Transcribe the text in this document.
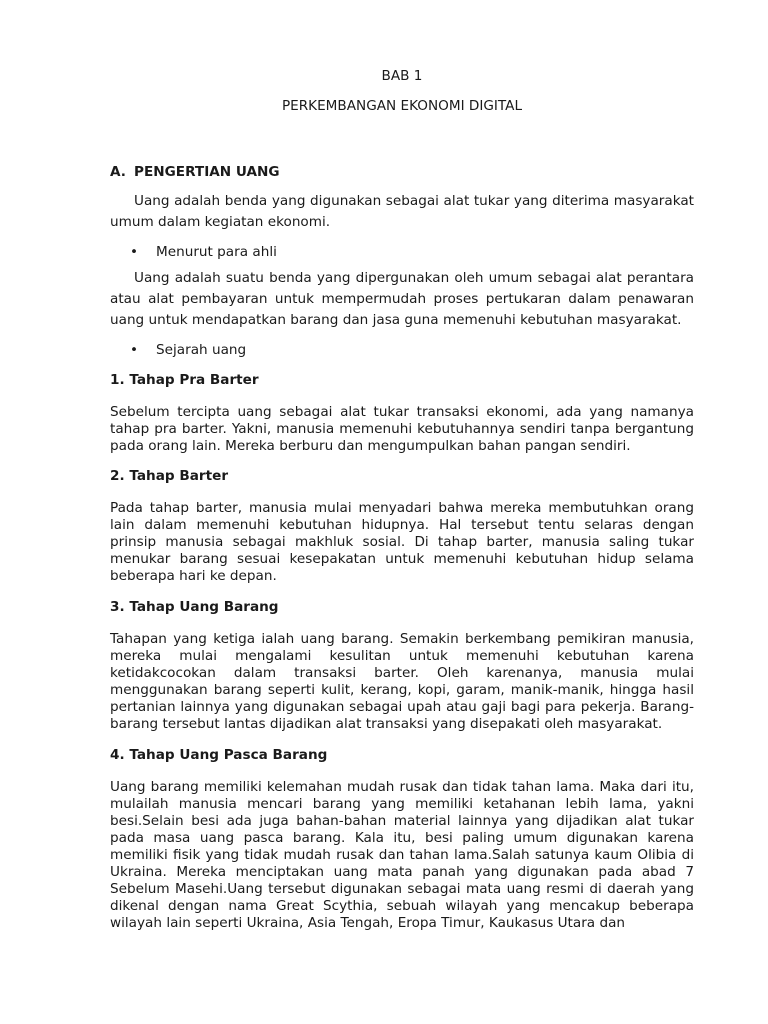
BAB 1

PERKEMBANGAN EKONOMI DIGITAL

A. PENGERTIAN UANG

Uang adalah benda yang digunakan sebagai alat tukar yang diterima masyarakat umum dalam kegiatan ekonomi.

•	Menurut para ahli

Uang adalah suatu benda yang dipergunakan oleh umum sebagai alat perantara atau alat pembayaran untuk mempermudah proses pertukaran dalam penawaran uang untuk mendapatkan barang dan jasa guna memenuhi kebutuhan masyarakat.

•	Sejarah uang

1. Tahap Pra Barter

Sebelum tercipta uang sebagai alat tukar transaksi ekonomi, ada yang namanya tahap pra barter. Yakni, manusia memenuhi kebutuhannya sendiri tanpa bergantung pada orang lain. Mereka berburu dan mengumpulkan bahan pangan sendiri.

2. Tahap Barter

Pada tahap barter, manusia mulai menyadari bahwa mereka membutuhkan orang lain dalam memenuhi kebutuhan hidupnya. Hal tersebut tentu selaras dengan prinsip manusia sebagai makhluk sosial. Di tahap barter, manusia saling tukar menukar barang sesuai kesepakatan untuk memenuhi kebutuhan hidup selama beberapa hari ke depan.

3. Tahap Uang Barang

Tahapan yang ketiga ialah uang barang. Semakin berkembang pemikiran manusia, mereka mulai mengalami kesulitan untuk memenuhi kebutuhan karena ketidakcocokan dalam transaksi barter. Oleh karenanya, manusia mulai menggunakan barang seperti kulit, kerang, kopi, garam, manik-manik, hingga hasil pertanian lainnya yang digunakan sebagai upah atau gaji bagi para pekerja. Barang-barang tersebut lantas dijadikan alat transaksi yang disepakati oleh masyarakat.

4. Tahap Uang Pasca Barang

Uang barang memiliki kelemahan mudah rusak dan tidak tahan lama. Maka dari itu, mulailah manusia mencari barang yang memiliki ketahanan lebih lama, yakni besi.Selain besi ada juga bahan-bahan material lainnya yang dijadikan alat tukar pada masa uang pasca barang. Kala itu, besi paling umum digunakan karena memiliki fisik yang tidak mudah rusak dan tahan lama.Salah satunya kaum Olibia di Ukraina. Mereka menciptakan uang mata panah yang digunakan pada abad 7 Sebelum Masehi.Uang tersebut digunakan sebagai mata uang resmi di daerah yang dikenal dengan nama Great Scythia, sebuah wilayah yang mencakup beberapa wilayah lain seperti Ukraina, Asia Tengah, Eropa Timur, Kaukasus Utara dan
